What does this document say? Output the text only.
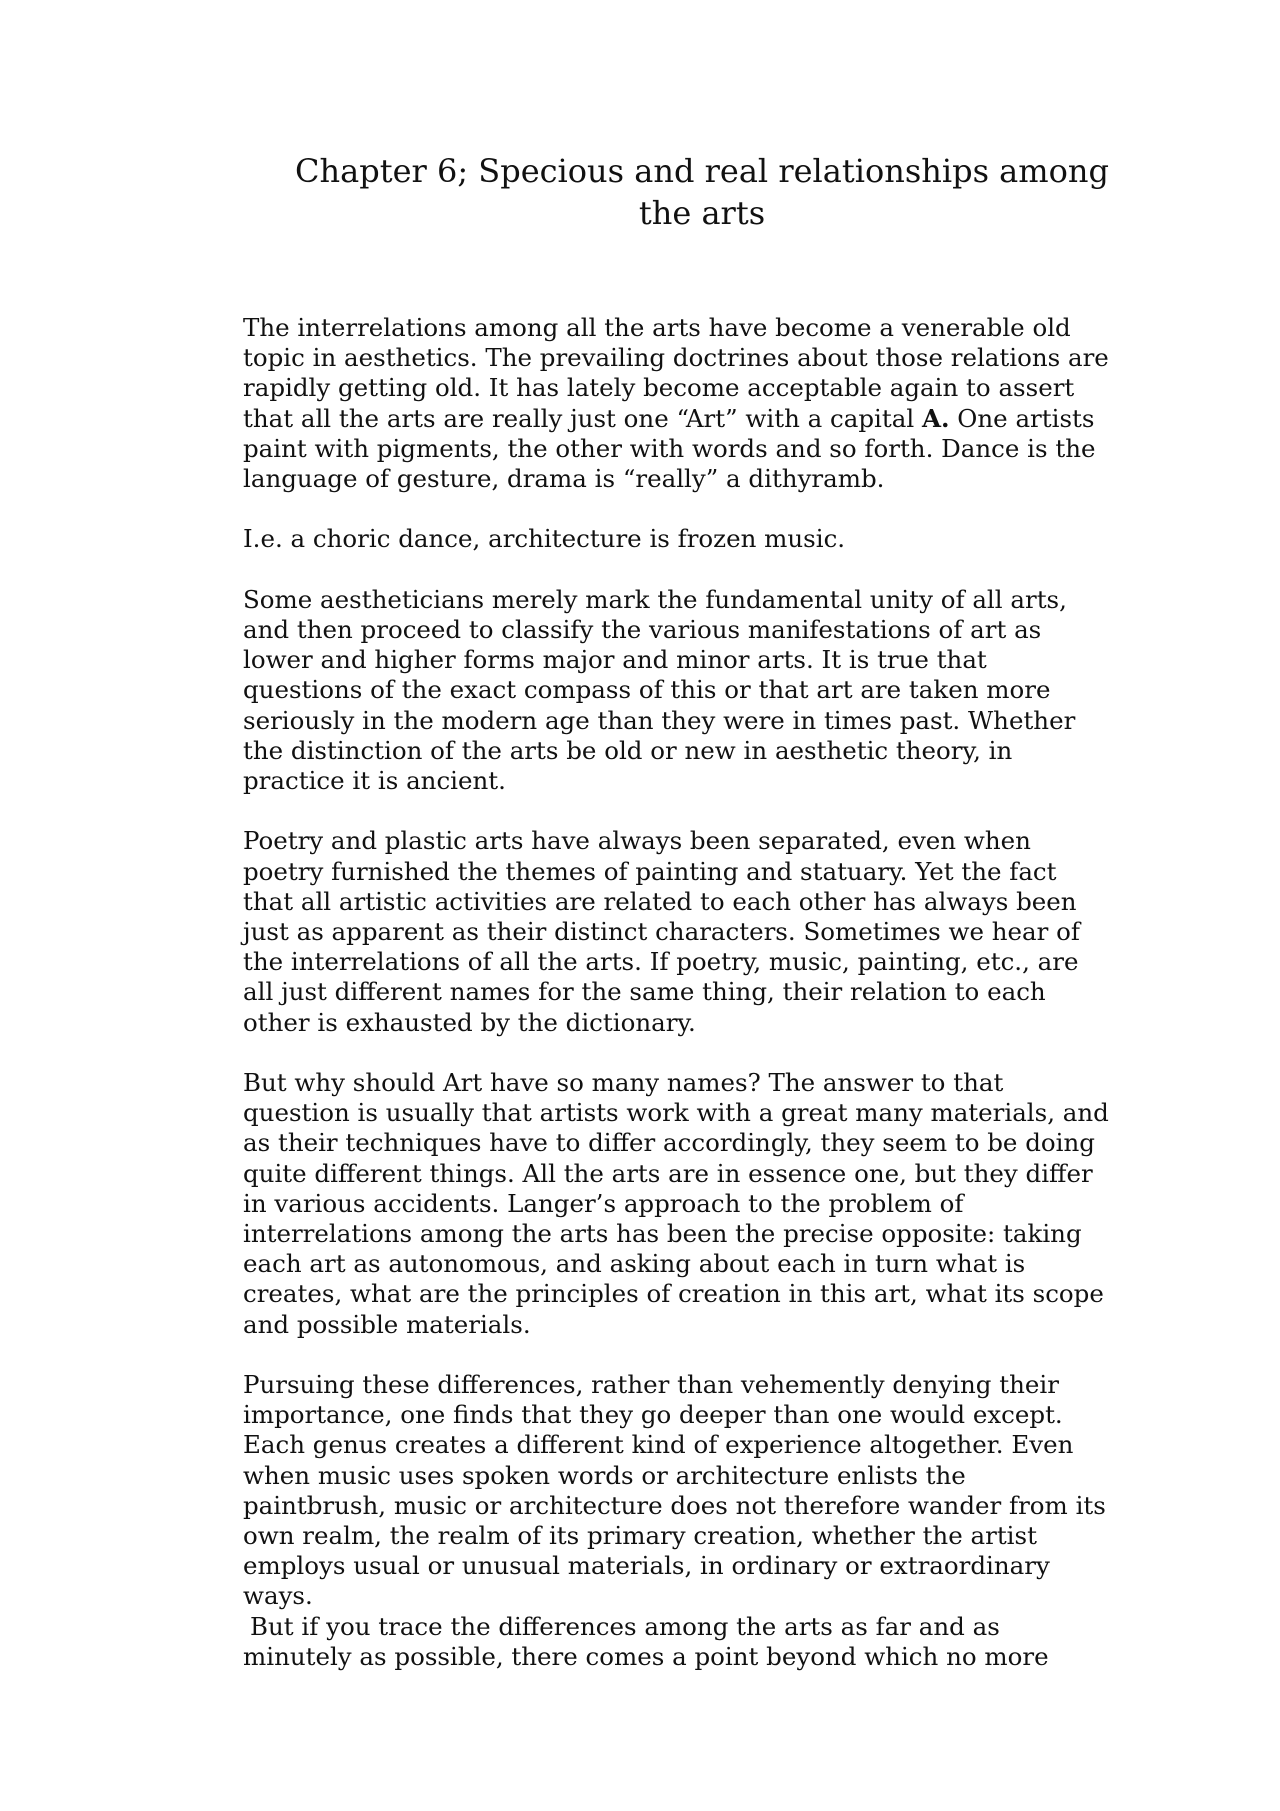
Chapter 6; Specious and real relationships among
the arts

The interrelations among all the arts have become a venerable old
topic in aesthetics. The prevailing doctrines about those relations are
rapidly getting old. It has lately become acceptable again to assert
that all the arts are really just one “Art” with a capital A. One artists
paint with pigments, the other with words and so forth. Dance is the
language of gesture, drama is “really” a dithyramb.

I.e. a choric dance, architecture is frozen music.

Some aestheticians merely mark the fundamental unity of all arts,
and then proceed to classify the various manifestations of art as
lower and higher forms major and minor arts. It is true that
questions of the exact compass of this or that art are taken more
seriously in the modern age than they were in times past. Whether
the distinction of the arts be old or new in aesthetic theory, in
practice it is ancient.

Poetry and plastic arts have always been separated, even when
poetry furnished the themes of painting and statuary. Yet the fact
that all artistic activities are related to each other has always been
just as apparent as their distinct characters. Sometimes we hear of
the interrelations of all the arts. If poetry, music, painting, etc., are
all just different names for the same thing, their relation to each
other is exhausted by the dictionary.

But why should Art have so many names? The answer to that
question is usually that artists work with a great many materials, and
as their techniques have to differ accordingly, they seem to be doing
quite different things. All the arts are in essence one, but they differ
in various accidents. Langer’s approach to the problem of
interrelations among the arts has been the precise opposite: taking
each art as autonomous, and asking about each in turn what is
creates, what are the principles of creation in this art, what its scope
and possible materials.

Pursuing these differences, rather than vehemently denying their
importance, one finds that they go deeper than one would except.
Each genus creates a different kind of experience altogether. Even
when music uses spoken words or architecture enlists the
paintbrush, music or architecture does not therefore wander from its
own realm, the realm of its primary creation, whether the artist
employs usual or unusual materials, in ordinary or extraordinary
ways.

But if you trace the differences among the arts as far and as
minutely as possible, there comes a point beyond which no more
